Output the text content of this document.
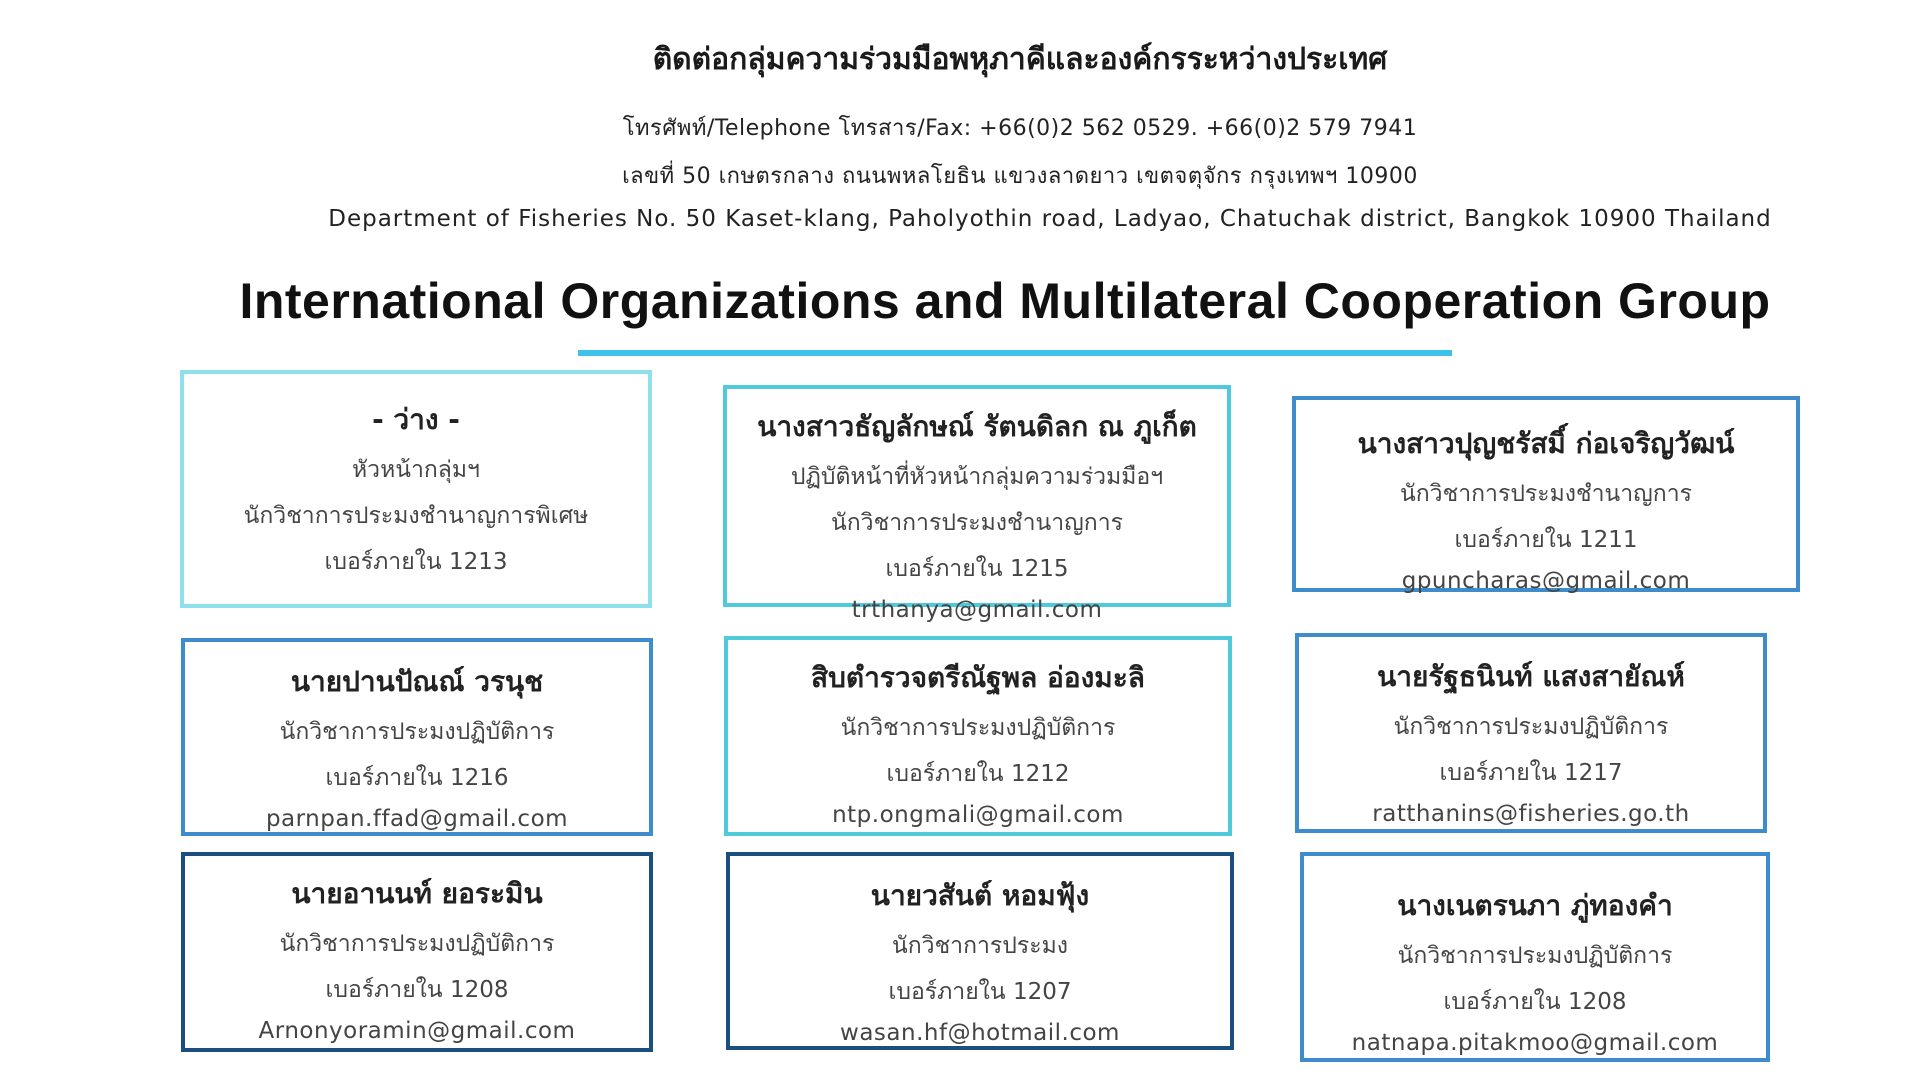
ติดต่อกลุ่มความร่วมมือพหุภาคีและองค์กรระหว่างประเทศ
โทรศัพท์/Telephone โทรสาร/Fax: +66(0)2 562 0529. +66(0)2 579 7941
เลขที่ 50 เกษตรกลาง ถนนพหลโยธิน แขวงลาดยาว เขตจตุจักร กรุงเทพฯ 10900
Department of Fisheries No. 50 Kaset-klang, Paholyothin road, Ladyao, Chatuchak district, Bangkok 10900 Thailand
International Organizations and Multilateral Cooperation Group
- ว่าง -
หัวหน้ากลุ่มฯ
นักวิชาการประมงชำนาญการพิเศษ
เบอร์ภายใน 1213
นางสาวธัญลักษณ์ รัตนดิลก ณ ภูเก็ต
ปฏิบัติหน้าที่หัวหน้ากลุ่มความร่วมมือฯ
นักวิชาการประมงชำนาญการ
เบอร์ภายใน 1215
trthanya@gmail.com
นางสาวปุญชรัสมิ์ ก่อเจริญวัฒน์
นักวิชาการประมงชำนาญการ
เบอร์ภายใน 1211
gpuncharas@gmail.com
นายปานปัณณ์ วรนุช
นักวิชาการประมงปฏิบัติการ
เบอร์ภายใน 1216
parnpan.ffad@gmail.com
สิบตำรวจตรีณัฐพล อ่องมะลิ
นักวิชาการประมงปฏิบัติการ
เบอร์ภายใน 1212
ntp.ongmali@gmail.com
นายรัฐธนินท์ แสงสายัณห์
นักวิชาการประมงปฏิบัติการ
เบอร์ภายใน 1217
ratthanins@fisheries.go.th
นายอานนท์ ยอระมิน
นักวิชาการประมงปฏิบัติการ
เบอร์ภายใน 1208
Arnonyoramin@gmail.com
นายวสันต์ หอมฟุ้ง
นักวิชาการประมง
เบอร์ภายใน 1207
wasan.hf@hotmail.com
นางเนตรนภา ภู่ทองคำ
นักวิชาการประมงปฏิบัติการ
เบอร์ภายใน 1208
natnapa.pitakmoo@gmail.com
